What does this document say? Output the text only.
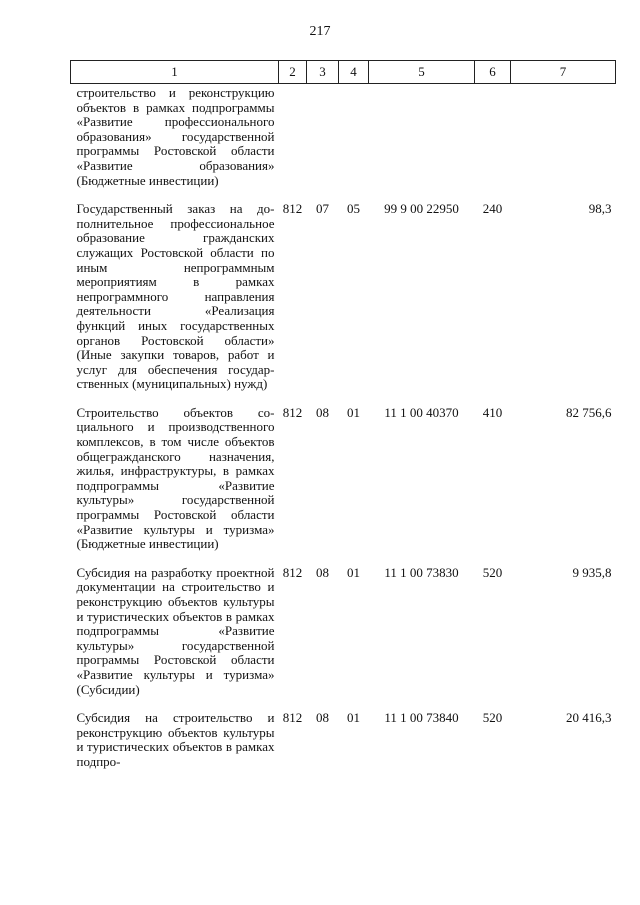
217
1	2	3	4	5	6	7
строительство и реконструкцию объектов в рамках подпрограммы «Развитие профессионального образования» государственной программы Ростовской области «Развитие образования» (Бюджетные инвестиции)						
Государственный заказ на дополнительное профессиональное образование гражданских служащих Ростовской области по иным непрограммным мероприятиям в рамках непрограммного направления деятельности «Реализация функций иных государственных органов Ростовской области» (Иные закупки товаров, работ и услуг для обеспечения государственных (муниципальных) нужд)	812	07	05	99 9 00 22950	240	98,3
Строительство объектов социального и производственного комплексов, в том числе объектов общегражданского назначения, жилья, инфраструктуры, в рамках подпрограммы «Развитие культуры» государственной программы Ростовской области «Развитие культуры и туризма» (Бюджетные инвестиции)	812	08	01	11 1 00 40370	410	82 756,6
Субсидия на разработку проектной документации на строительство и реконструкцию объектов культуры и туристических объектов в рамках подпрограммы «Развитие культуры» государственной программы Ростовской области «Развитие культуры и туризма» (Субсидии)	812	08	01	11 1 00 73830	520	9 935,8
Субсидия на строительство и реконструкцию объектов культуры и туристических объектов в рамках подпро-	812	08	01	11 1 00 73840	520	20 416,3
